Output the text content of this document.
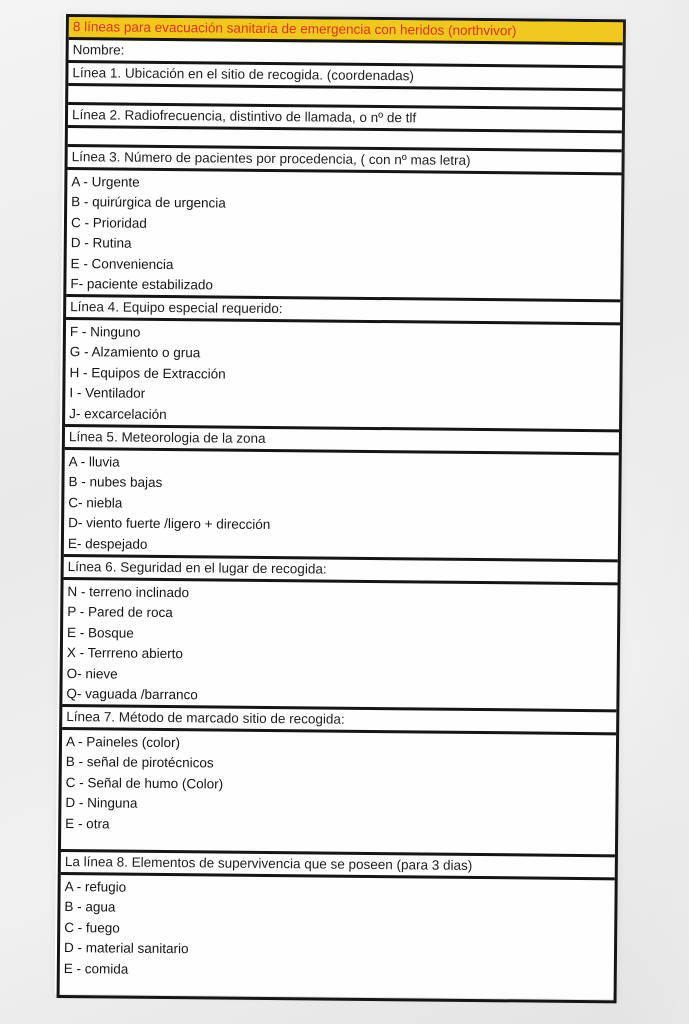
8 líneas para evacuación sanitaria de emergencia con heridos (northvivor)
Nombre:
Línea 1. Ubicación en el sitio de recogida. (coordenadas)
Línea 2. Radiofrecuencia, distintivo de llamada, o nº de tlf
Línea 3. Número de pacientes por procedencia, ( con nº mas letra)
A - Urgente
B - quirúrgica de urgencia
C - Prioridad
D - Rutina
E - Conveniencia
F- paciente estabilizado
Línea 4. Equipo especial requerido:
F - Ninguno
G - Alzamiento o grua
H - Equipos de Extracción
I - Ventilador
J- excarcelación
Línea 5. Meteorologia de la zona
A - lluvia
B - nubes bajas
C- niebla
D- viento fuerte /ligero + dirección
E- despejado
Línea 6. Seguridad en el lugar de recogida:
N - terreno inclinado
P - Pared de roca
E - Bosque
X - Terrreno abierto
O- nieve
Q- vaguada /barranco
Línea 7. Método de marcado sitio de recogida:
A - Paineles (color)
B - señal de pirotécnicos
C - Señal de humo (Color)
D - Ninguna
E - otra
La línea 8. Elementos de supervivencia que se poseen (para 3 dias)
A - refugio
B - agua
C - fuego
D - material sanitario
E - comida
